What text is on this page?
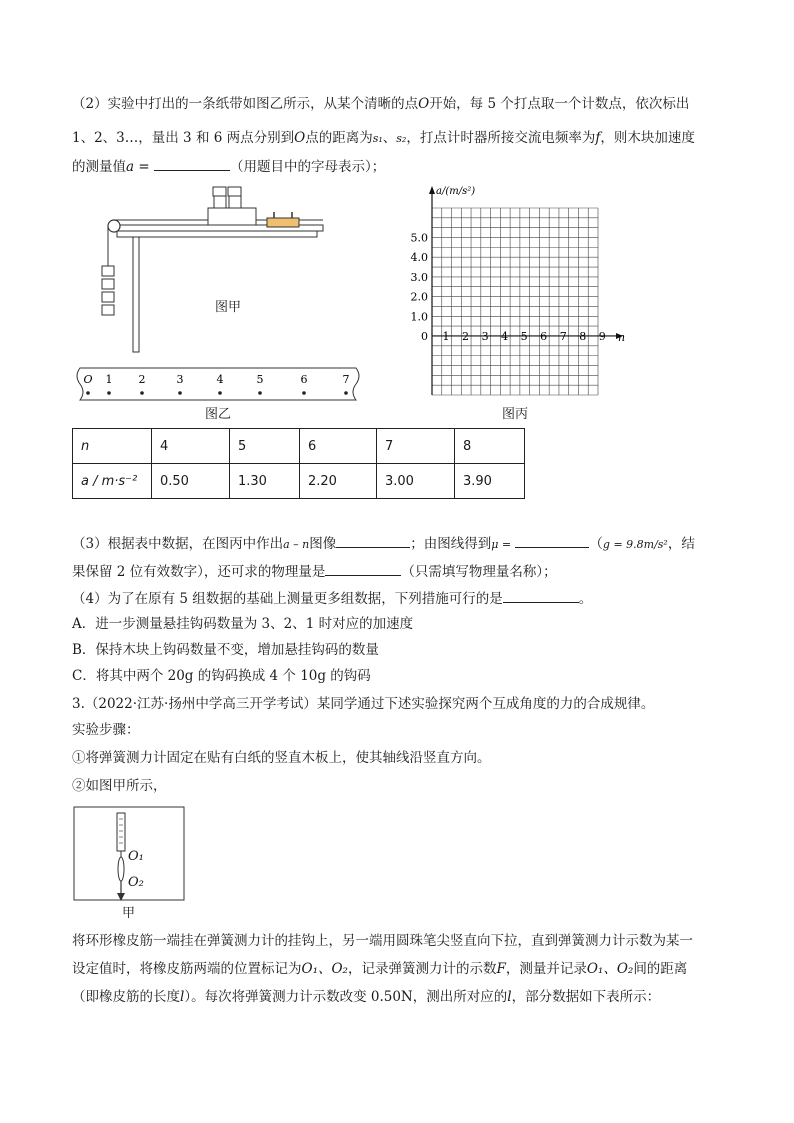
（2）实验中打出的一条纸带如图乙所示，从某个清晰的点O开始，每 5 个打点取一个计数点，依次标出
1、2、3…，量出 3 和 6 两点分别到O点的距离为s₁、s₂，打点计时器所接交流电频率为f，则木块加速度
的测量值a =	（用题目中的字母表示）；
图甲
O 1 2	3	4	5	6	7
图乙
a/(m/s²)
n
5.0
4.0
3.0
2.0
1.0
0 1 2 3 4 5 6 7 8 9
图丙
n	4	5	6	7	8
a / m·s⁻²	0.50	1.30	2.20	3.00	3.90
（3）根据表中数据，在图丙中作出a – n图像	；由图线得到μ =	（g = 9.8m/s²，结
果保留 2 位有效数字），还可求的物理量是	（只需填写物理量名称）；
（4）为了在原有 5 组数据的基础上测量更多组数据，下列措施可行的是	。
A．进一步测量悬挂钩码数量为 3、2、1 时对应的加速度
B．保持木块上钩码数量不变，增加悬挂钩码的数量
C．将其中两个 20g 的钩码换成 4 个 10g 的钩码
3.（2022·江苏·扬州中学高三开学考试）某同学通过下述实验探究两个互成角度的力的合成规律。
实验步骤：
①将弹簧测力计固定在贴有白纸的竖直木板上，使其轴线沿竖直方向。
②如图甲所示，
O₁
O₂
甲
将环形橡皮筋一端挂在弹簧测力计的挂钩上，另一端用圆珠笔尖竖直向下拉，直到弹簧测力计示数为某一
设定值时，将橡皮筋两端的位置标记为O₁、O₂，记录弹簧测力计的示数F，测量并记录O₁、O₂间的距离
（即橡皮筋的长度l）。每次将弹簧测力计示数改变 0.50N，测出所对应的l，部分数据如下表所示：
